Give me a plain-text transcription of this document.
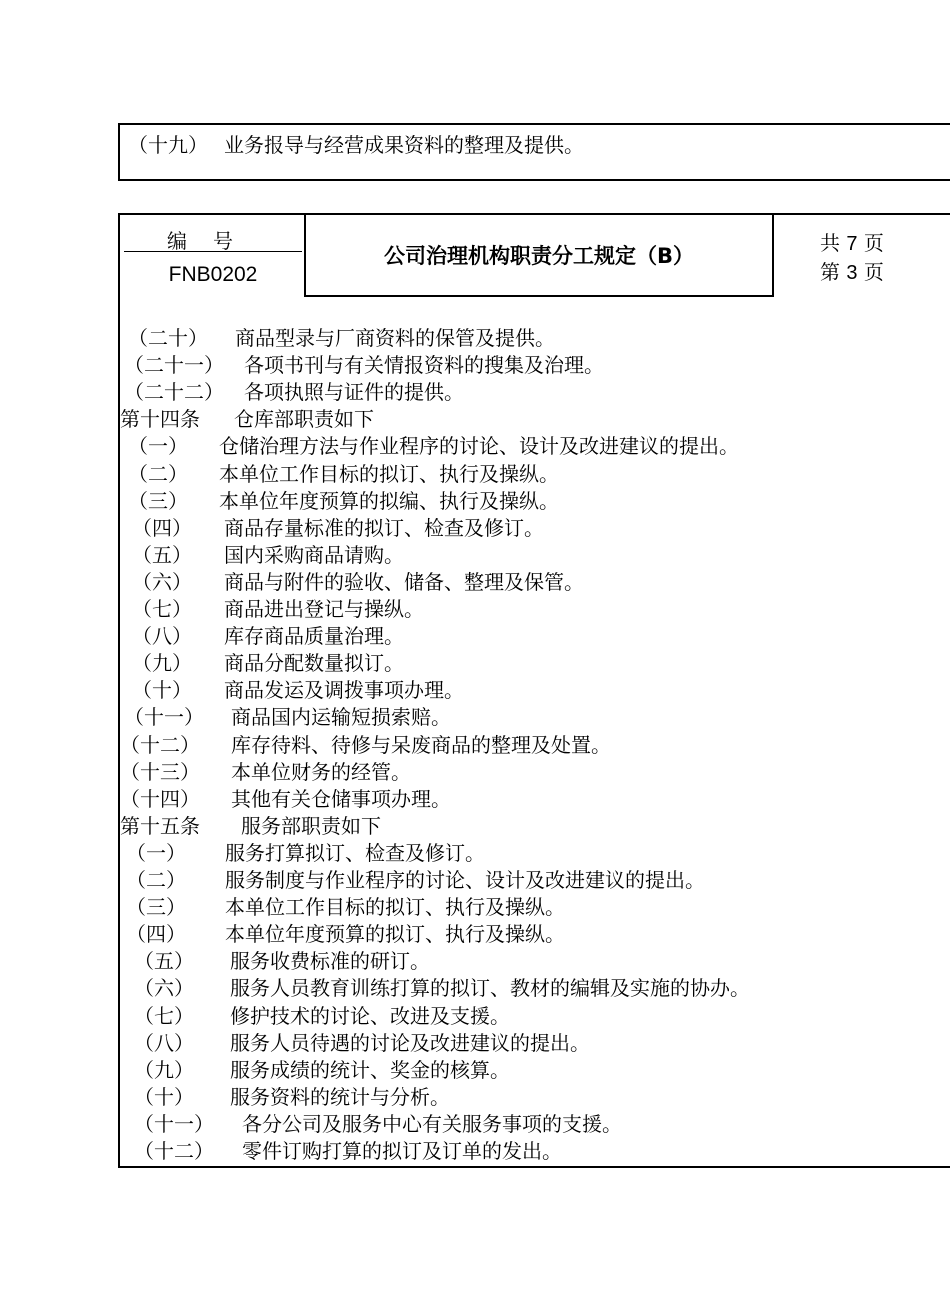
（十九） 业务报导与经营成果资料的整理及提供。
编号
FNB0202
公司治理机构职责分工规定（B）
共 7 页
第 3 页
（二十） 商品型录与厂商资料的保管及提供。
（二十一） 各项书刊与有关情报资料的搜集及治理。
（二十二） 各项执照与证件的提供。
第十四条 仓库部职责如下
（一） 仓储治理方法与作业程序的讨论、设计及改进建议的提出。
（二） 本单位工作目标的拟订、执行及操纵。
（三） 本单位年度预算的拟编、执行及操纵。
（四） 商品存量标准的拟订、检查及修订。
（五） 国内采购商品请购。
（六） 商品与附件的验收、储备、整理及保管。
（七） 商品进出登记与操纵。
（八） 库存商品质量治理。
（九） 商品分配数量拟订。
（十） 商品发运及调拨事项办理。
（十一） 商品国内运输短损索赔。
（十二） 库存待料、待修与呆废商品的整理及处置。
（十三） 本单位财务的经管。
（十四） 其他有关仓储事项办理。
第十五条 服务部职责如下
（一） 服务打算拟订、检查及修订。
（二） 服务制度与作业程序的讨论、设计及改进建议的提出。
（三） 本单位工作目标的拟订、执行及操纵。
（四） 本单位年度预算的拟订、执行及操纵。
（五） 服务收费标准的研订。
（六） 服务人员教育训练打算的拟订、教材的编辑及实施的协办。
（七） 修护技术的讨论、改进及支援。
（八） 服务人员待遇的讨论及改进建议的提出。
（九） 服务成绩的统计、奖金的核算。
（十） 服务资料的统计与分析。
（十一） 各分公司及服务中心有关服务事项的支援。
（十二） 零件订购打算的拟订及订单的发出。
